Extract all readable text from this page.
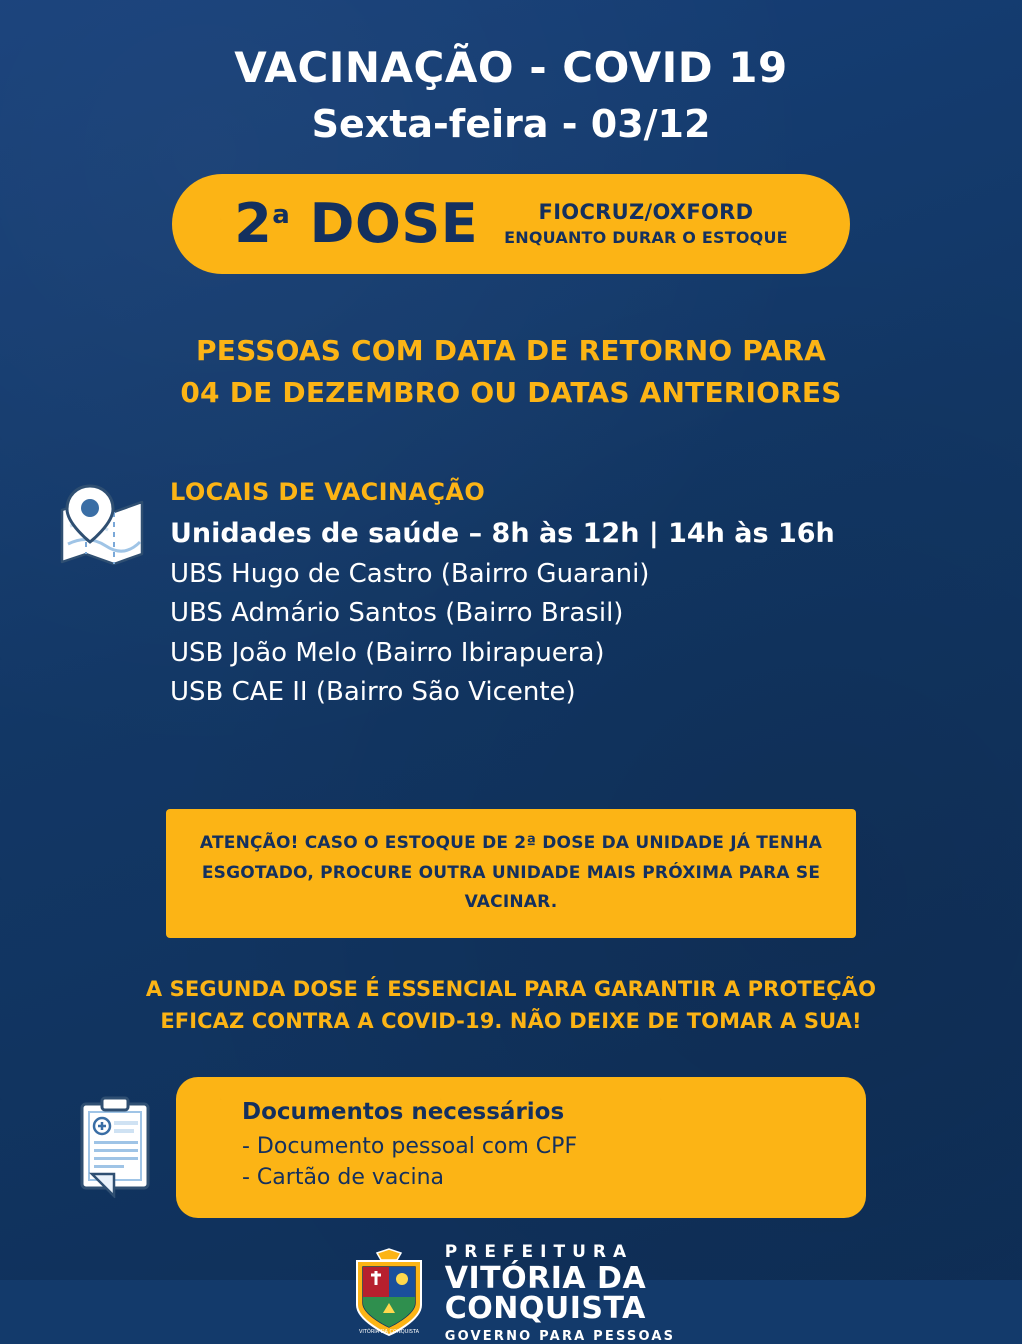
VACINAÇÃO - COVID 19
Sexta-feira - 03/12
2$^a$ DOSE	FIOCRUZ/OXFORD
ENQUANTO DURAR O ESTOQUE
PESSOAS COM DATA DE RETORNO PARA
04 DE DEZEMBRO OU DATAS ANTERIORES
LOCAIS DE VACINAÇÃO
Unidades de saúde – 8h às 12h | 14h às 16h
UBS Hugo de Castro (Bairro Guarani)
UBS Admário Santos (Bairro Brasil)
USB João Melo (Bairro Ibirapuera)
USB CAE II (Bairro São Vicente)
ATENÇÃO! CASO O ESTOQUE DE 2ª DOSE DA UNIDADE JÁ TENHA ESGOTADO, PROCURE OUTRA UNIDADE MAIS PRÓXIMA PARA SE VACINAR.
A SEGUNDA DOSE É ESSENCIAL PARA GARANTIR A PROTEÇÃO
EFICAZ CONTRA A COVID-19. NÃO DEIXE DE TOMAR A SUA!
Documentos necessários
- Documento pessoal com CPF
- Cartão de vacina
VITÓRIA DA CONQUISTA
PREFEITURA
VITÓRIA DA
CONQUISTA
GOVERNO PARA PESSOAS
